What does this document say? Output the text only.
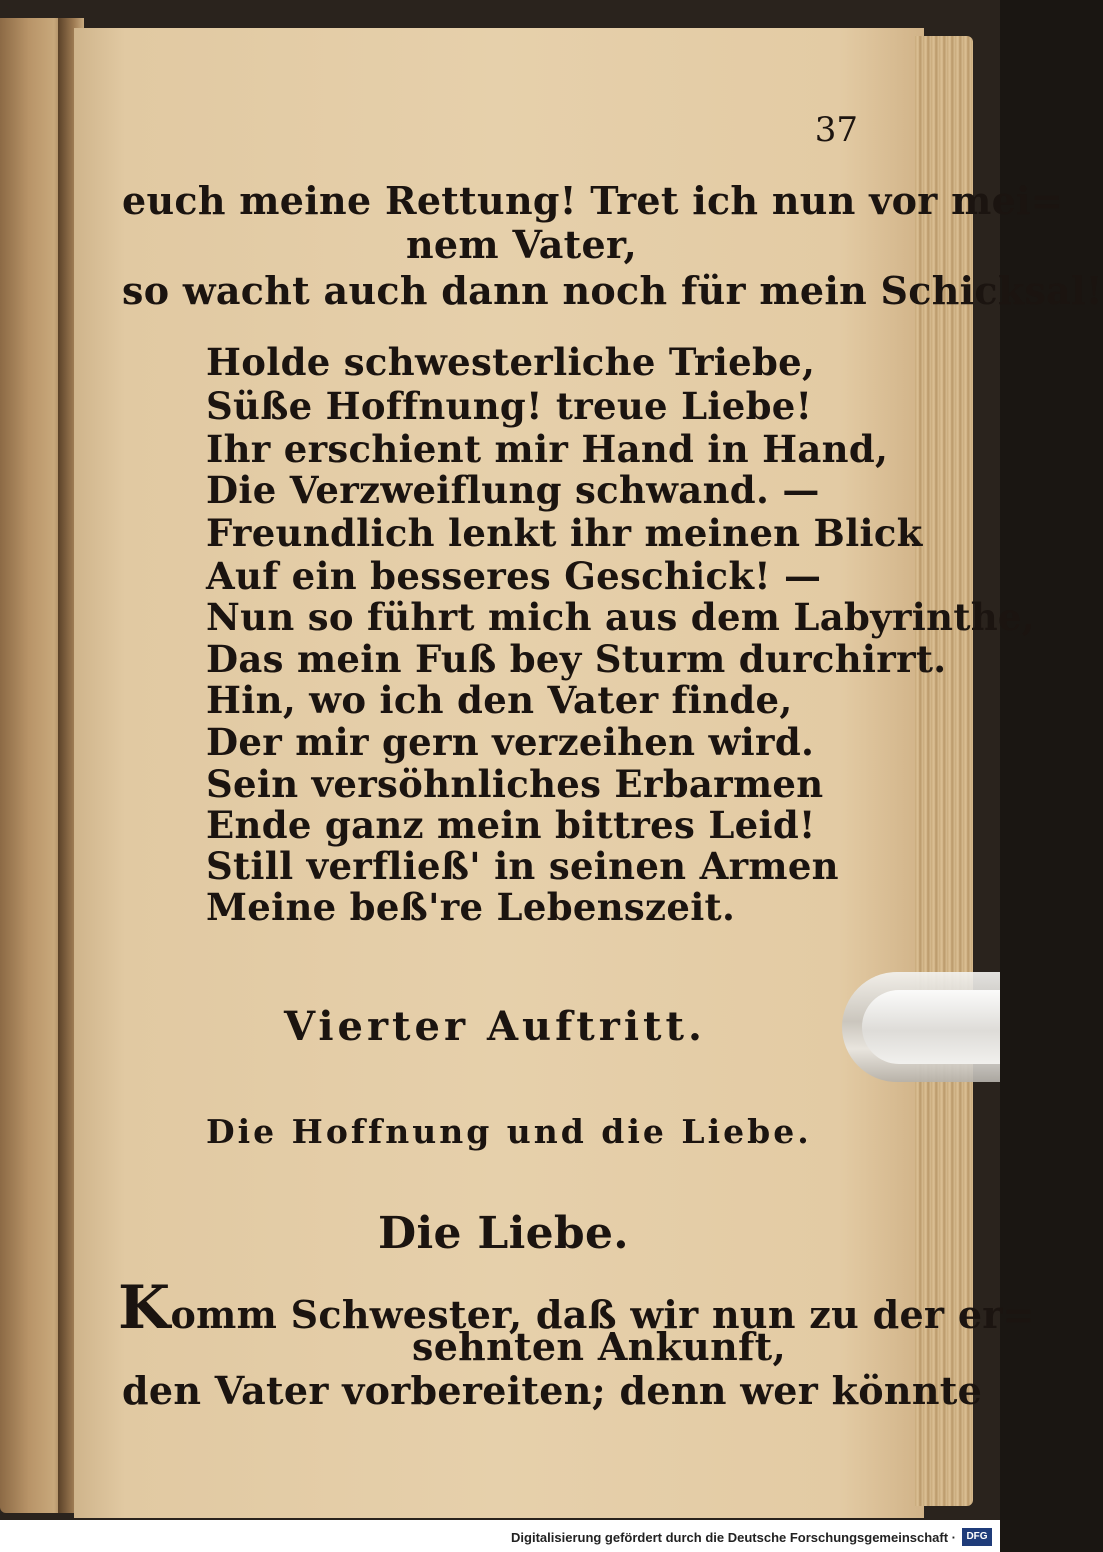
37
euch meine Rettung! Tret ich nun vor mei=
nem Vater,
so wacht auch dann noch für mein Schicksal!
Holde schwesterliche Triebe,
Süße Hoffnung! treue Liebe!
Ihr erschient mir Hand in Hand,
Die Verzweiflung schwand. —
Freundlich lenkt ihr meinen Blick
Auf ein besseres Geschick! —
Nun so führt mich aus dem Labyrinthe,
Das mein Fuß bey Sturm durchirrt.
Hin, wo ich den Vater finde,
Der mir gern verzeihen wird.
Sein versöhnliches Erbarmen
Ende ganz mein bittres Leid!
Still verfließ' in seinen Armen
Meine beß're Lebenszeit.
Vierter Auftritt.
Die Hoffnung und die Liebe.
Die Liebe.
Komm Schwester, daß wir nun zu der er=
sehnten Ankunft,
den Vater vorbereiten; denn wer könnte
Digitalisierung gefördert durch die Deutsche Forschungsgemeinschaft ·	DFG
